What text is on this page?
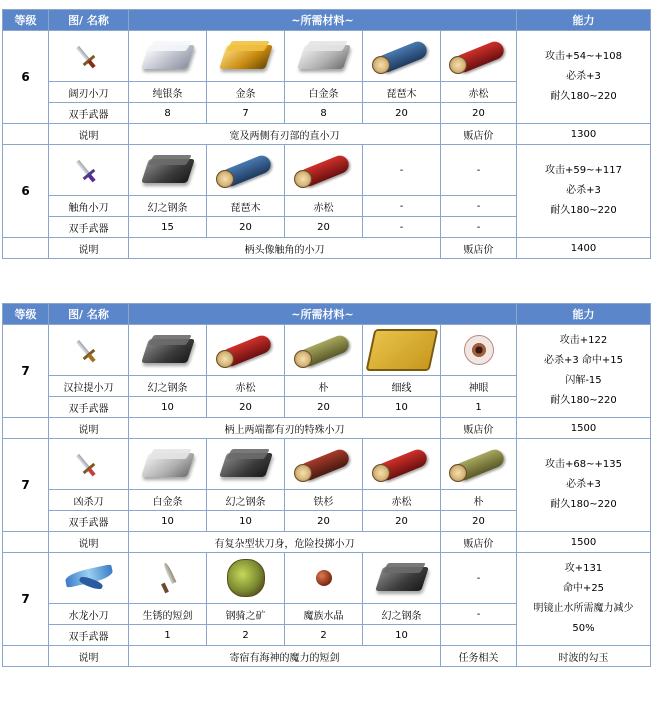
等级	图/ 名称	~所需材料~					能力
6							攻击+54~+108
必杀+3
耐久180~220

	阔刃小刀	纯银条	金条	白金条	琵琶木	赤松	
	双手武器	8	7	8	20	20	
	说明	宽及两侧有刃部的直小刀				贩店价	1300
6					-	-	攻击+59~+117
必杀+3
耐久180~220

	触角小刀	幻之钢条	琵琶木	赤松	-	-	
	双手武器	15	20	20	-	-	
	说明	柄头像触角的小刀				贩店价	1400
等级	图/ 名称	~所需材料~					能力
7							攻击+122
必杀+3 命中+15
闪解-15
耐久180~220

	汉拉提小刀	幻之钢条	赤松	朴	细线	神眼	
	双手武器	10	20	20	10	1	
	说明	柄上两端都有刃的特殊小刀				贩店价	1500
7							攻击+68~+135
必杀+3
耐久180~220

	凶杀刀	白金条	幻之钢条	铁杉	赤松	朴	
	双手武器	10	10	20	20	20	
	说明	有复杂型状刀身，危险投掷小刀				贩店价	1500
7						-	攻+131
命中+25
明镜止水所需魔力减少
50%

	水龙小刀	生锈的短剑	钢骑之矿	魔族水晶	幻之钢条	-	
	双手武器	1	2	2	10		
	说明	寄宿有海神的魔力的短剑				任务相关	时波的勾玉
